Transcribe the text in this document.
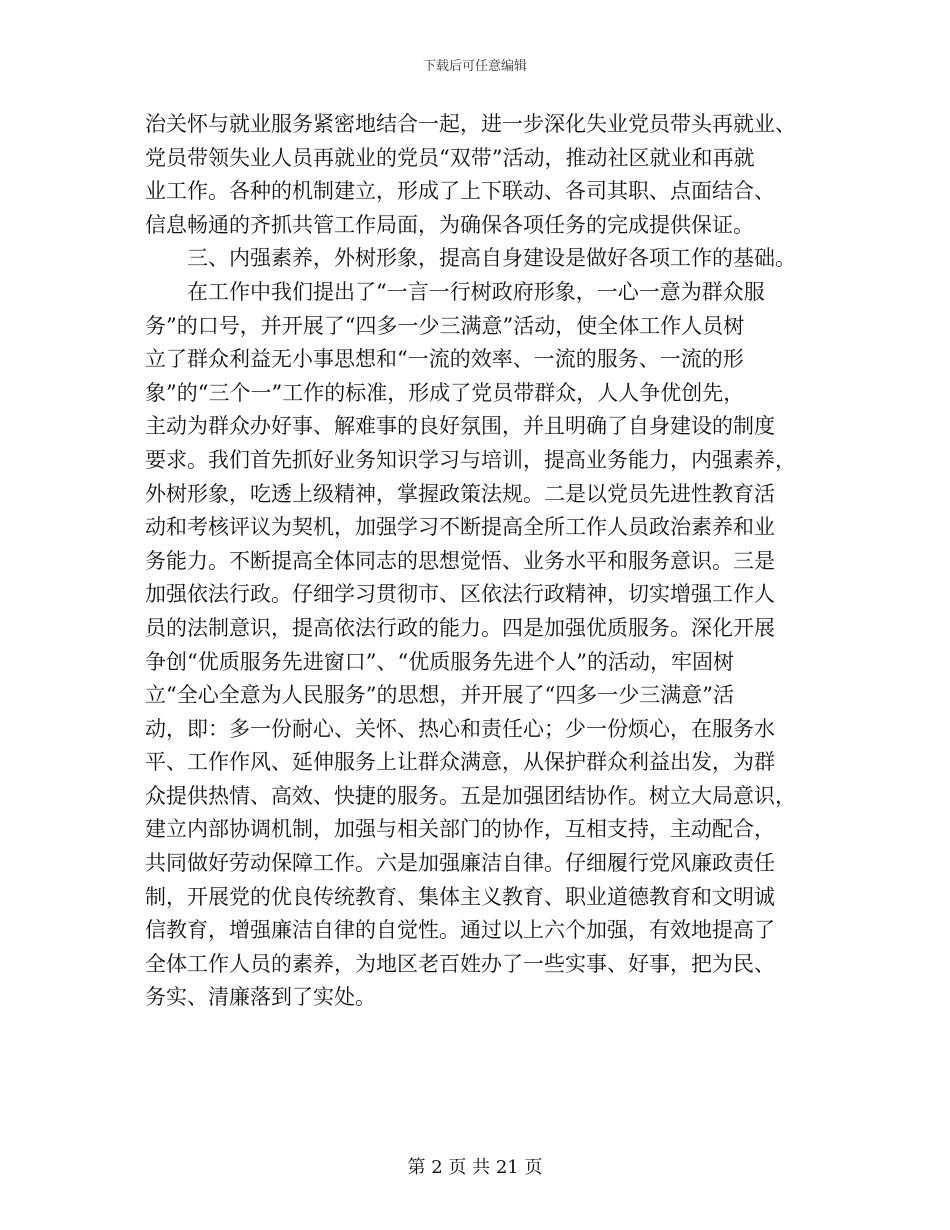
下载后可任意编辑
治关怀与就业服务紧密地结合一起，进一步深化失业党员带头再就业、
党员带领失业人员再就业的党员“双带”活动，推动社区就业和再就
业工作。各种的机制建立，形成了上下联动、各司其职、点面结合、
信息畅通的齐抓共管工作局面，为确保各项任务的完成提供保证。
三、内强素养，外树形象，提高自身建设是做好各项工作的基础。
在工作中我们提出了“一言一行树政府形象，一心一意为群众服
务”的口号，并开展了“四多一少三满意”活动，使全体工作人员树
立了群众利益无小事思想和“一流的效率、一流的服务、一流的形
象”的“三个一”工作的标准，形成了党员带群众，人人争优创先，
主动为群众办好事、解难事的良好氛围，并且明确了自身建设的制度
要求。我们首先抓好业务知识学习与培训，提高业务能力，内强素养，
外树形象，吃透上级精神，掌握政策法规。二是以党员先进性教育活
动和考核评议为契机，加强学习不断提高全所工作人员政治素养和业
务能力。不断提高全体同志的思想觉悟、业务水平和服务意识。三是
加强依法行政。仔细学习贯彻市、区依法行政精神，切实增强工作人
员的法制意识，提高依法行政的能力。四是加强优质服务。深化开展
争创“优质服务先进窗口”、“优质服务先进个人”的活动，牢固树
立“全心全意为人民服务”的思想，并开展了“四多一少三满意”活
动，即：多一份耐心、关怀、热心和责任心；少一份烦心，在服务水
平、工作作风、延伸服务上让群众满意，从保护群众利益出发，为群
众提供热情、高效、快捷的服务。五是加强团结协作。树立大局意识，
建立内部协调机制，加强与相关部门的协作，互相支持，主动配合，
共同做好劳动保障工作。六是加强廉洁自律。仔细履行党风廉政责任
制，开展党的优良传统教育、集体主义教育、职业道德教育和文明诚
信教育，增强廉洁自律的自觉性。通过以上六个加强，有效地提高了
全体工作人员的素养，为地区老百姓办了一些实事、好事，把为民、
务实、清廉落到了实处。
第 2 页 共 21 页
